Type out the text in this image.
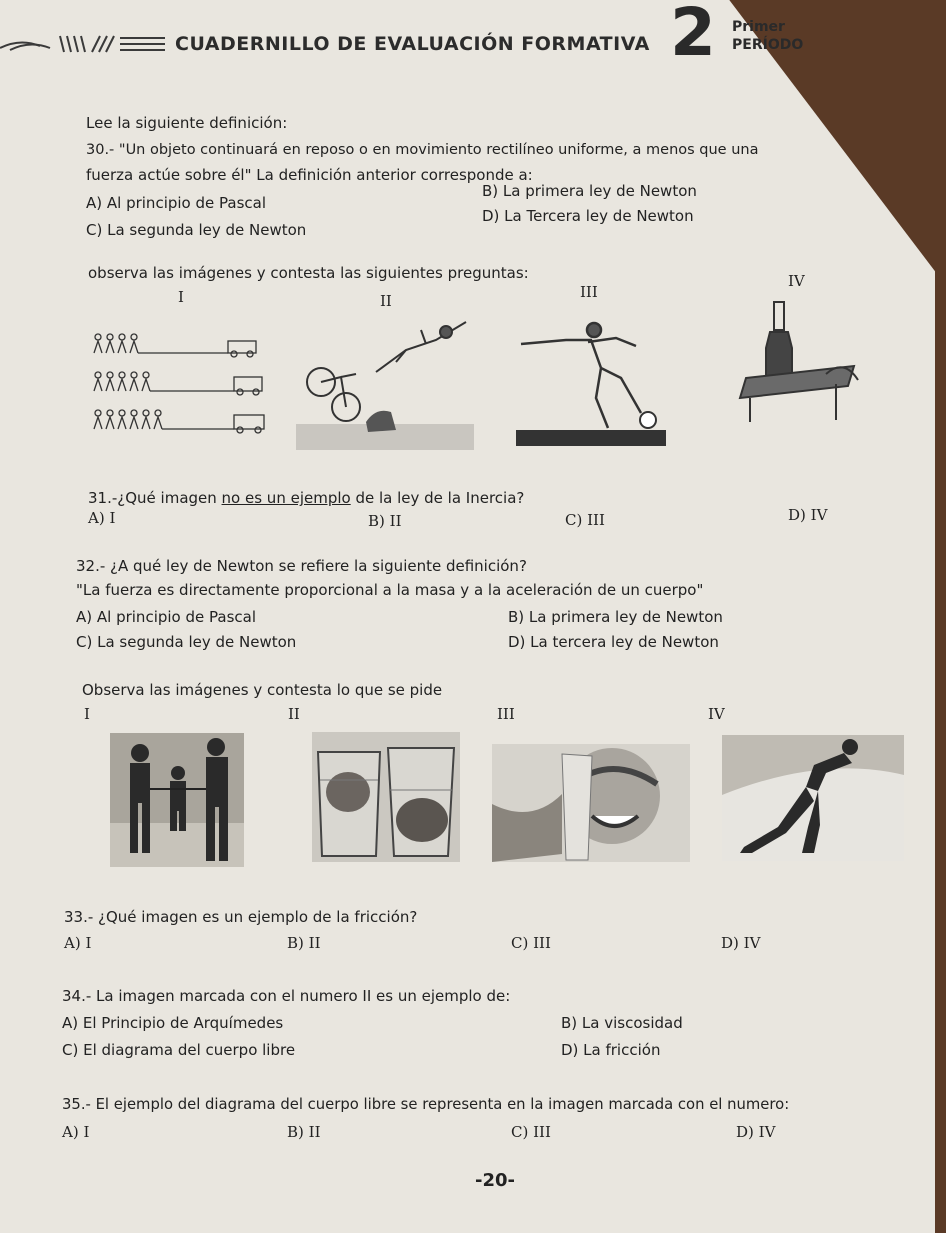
CUADERNILLO DE EVALUACIÓN FORMATIVA 2 Primer
PERÍODO
Lee la siguiente definición:
30.- "Un objeto continuará en reposo o en movimiento rectilíneo uniforme, a menos que una
fuerza actúe sobre él" La definición anterior corresponde a:
A) Al principio de Pascal
B) La primera ley de Newton
C) La segunda ley de Newton
D) La Tercera ley de Newton
observa las imágenes y contesta las siguientes preguntas:
I	II	III
IV
31.-¿Qué imagen no es un ejemplo de la ley de la Inercia?
A) I	B) II	C) III	D) IV
32.- ¿A qué ley de Newton se refiere la siguiente definición?
"La fuerza es directamente proporcional a la masa y a la aceleración de un cuerpo"
A) Al principio de Pascal	B) La primera ley de Newton
C) La segunda ley de Newton	D) La tercera ley de Newton
Observa las imágenes y contesta lo que se pide
I	II	III	IV
33.- ¿Qué imagen es un ejemplo de la fricción?
A) I	B) II	C) III	D) IV
34.- La imagen marcada con el numero II es un ejemplo de:
A) El Principio de Arquímedes	B) La viscosidad
C) El diagrama del cuerpo libre	D) La fricción
35.- El ejemplo del diagrama del cuerpo libre se representa en la imagen marcada con el numero:
A) I	B) II	C) III	D) IV
-20-
